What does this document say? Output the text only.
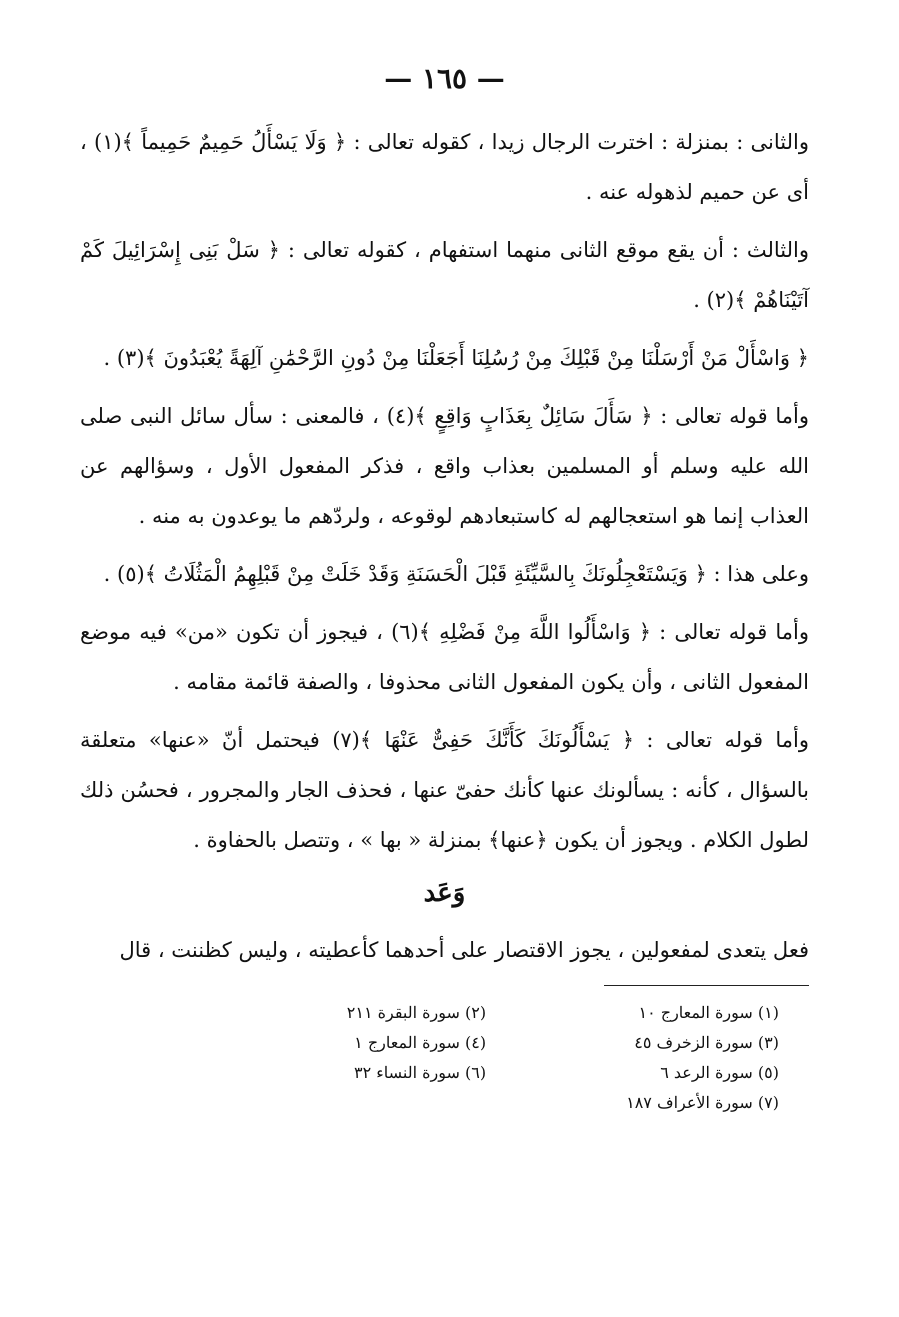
— ١٦٥ —

والثانى : بمنزلة : اخترت الرجال زيدا ، كقوله تعالى : ﴿ وَلَا يَسْأَلُ حَمِيمٌ حَمِيماً ﴾(١) ، أى عن حميم لذهوله عنه .

والثالث : أن يقع موقع الثانى منهما استفهام ، كقوله تعالى : ﴿ سَلْ بَنِى إِسْرَائِيلَ كَمْ آتَيْنَاهُمْ ﴾(٢) .

﴿ وَاسْأَلْ مَنْ أَرْسَلْنَا مِنْ قَبْلِكَ مِنْ رُسُلِنَا أَجَعَلْنَا مِنْ دُونِ الرَّحْمَٰنِ آلِهَةً يُعْبَدُونَ ﴾(٣) .

وأما قوله تعالى : ﴿ سَأَلَ سَائِلٌ بِعَذَابٍ وَاقِعٍ ﴾(٤) ، فالمعنى : سأل سائل النبى صلى الله عليه وسلم أو المسلمين بعذاب واقع ، فذكر المفعول الأول ، وسؤالهم عن العذاب إنما هو استعجالهم له كاستبعادهم لوقوعه ، ولردّهم ما يوعدون به منه .

وعلى هذا : ﴿ وَيَسْتَعْجِلُونَكَ بِالسَّيِّئَةِ قَبْلَ الْحَسَنَةِ وَقَدْ خَلَتْ مِنْ قَبْلِهِمُ الْمَثُلَاتُ ﴾(٥) .

وأما قوله تعالى : ﴿ وَاسْأَلُوا اللَّهَ مِنْ فَضْلِهِ ﴾(٦) ، فيجوز أن تكون «من» فيه موضع المفعول الثانى ، وأن يكون المفعول الثانى محذوفا ، والصفة قائمة مقامه .

وأما قوله تعالى : ﴿ يَسْأَلُونَكَ كَأَنَّكَ حَفِىٌّ عَنْهَا ﴾(٧) فيحتمل أنّ «عنها» متعلقة بالسؤال ، كأنه : يسألونك عنها كأنك حفىّ عنها ، فحذف الجار والمجرور ، فحسُن ذلك لطول الكلام . ويجوز أن يكون ﴿عنها﴾ بمنزلة « بها » ، وتتصل بالحفاوة .

وَعَد

فعل يتعدى لمفعولين ، يجوز الاقتصار على أحدهما كأعطيته ، وليس كظننت ، قال

(١) سورة المعارج ١٠
(٣) سورة الزخرف ٤٥
(٥) سورة الرعد ٦
(٧) سورة الأعراف ١٨٧
(٢) سورة البقرة ٢١١
(٤) سورة المعارج ١
(٦) سورة النساء ٣٢
